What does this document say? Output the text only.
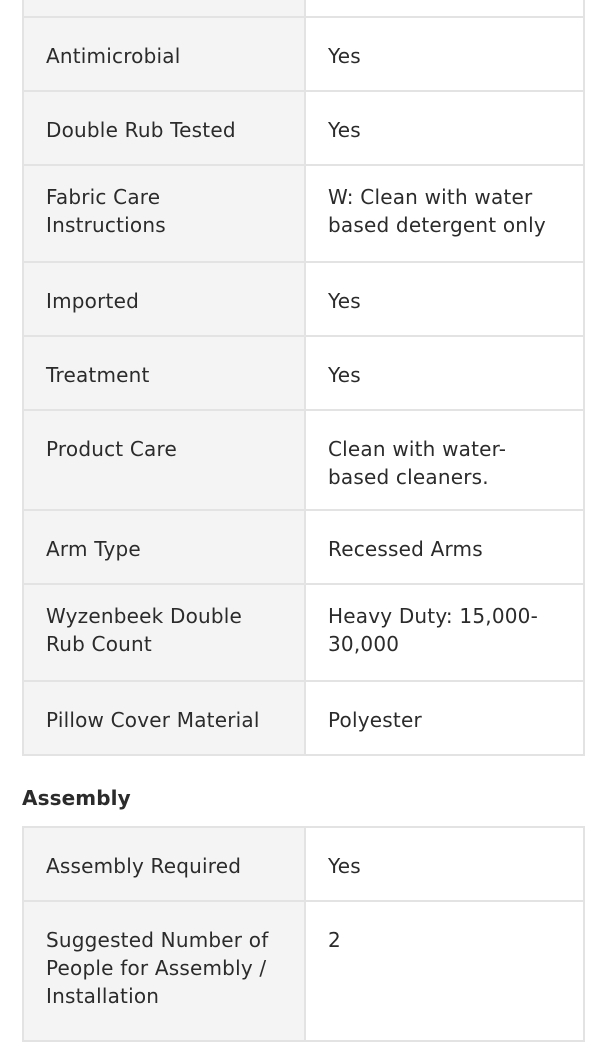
Antimicrobial	Yes
Double Rub Tested	Yes
Fabric Care Instructions	W: Clean with water based detergent only
Imported	Yes
Treatment	Yes
Product Care	Clean with water-based cleaners.
Arm Type	Recessed Arms
Wyzenbeek Double Rub Count	Heavy Duty: 15,000-30,000
Pillow Cover Material	Polyester
Assembly
Assembly Required	Yes
Suggested Number of People for Assembly / Installation	2
